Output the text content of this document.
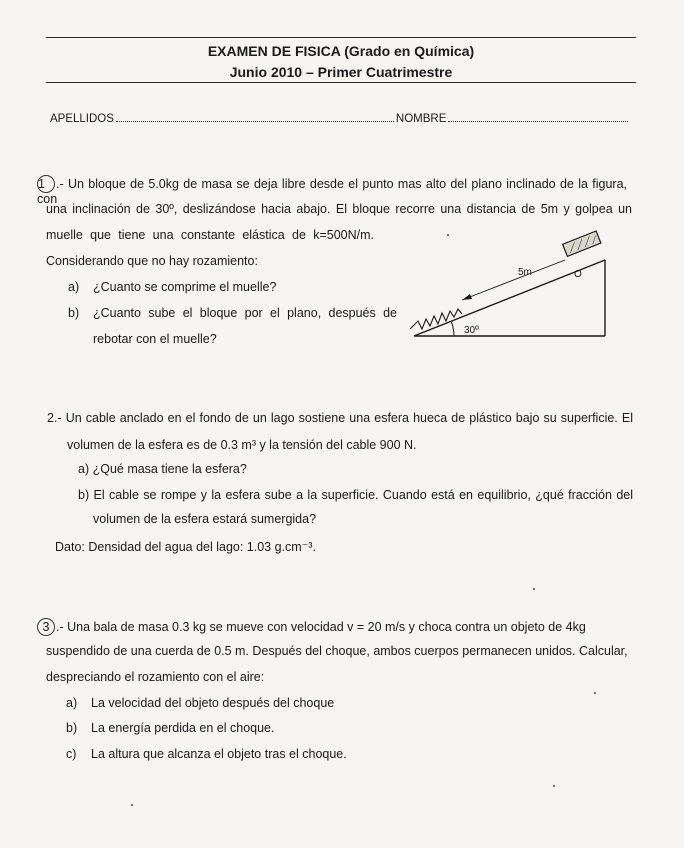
EXAMEN DE FISICA (Grado en Química)
Junio 2010 – Primer Cuatrimestre
APELLIDOS	NOMBRE
1 .- Un bloque de 5.0kg de masa se deja libre desde el punto mas alto del plano inclinado de la figura, con
una inclinación de 30º, deslizándose hacia abajo. El bloque recorre una distancia de 5m y golpea un
muelle que tiene una constante elástica de k=500N/m.
Considerando que no hay rozamiento:
a) ¿Cuanto se comprime el muelle?
b) ¿Cuanto sube el bloque por el plano, después de
rebotar con el muelle?
5m
30º
O
2.- Un cable anclado en el fondo de un lago sostiene una esfera hueca de plástico bajo su superficie. El
volumen de la esfera es de 0.3 m³ y la tensión del cable 900 N.
a) ¿Qué masa tiene la esfera?
b) El cable se rompe y la esfera sube a la superficie. Cuando está en equilibrio, ¿qué fracción del
volumen de la esfera estará sumergida?
Dato: Densidad del agua del lago: 1.03 g.cm⁻³.
3 .- Una bala de masa 0.3 kg se mueve con velocidad v = 20 m/s y choca contra un objeto de 4kg
suspendido de una cuerda de 0.5 m. Después del choque, ambos cuerpos permanecen unidos. Calcular,
despreciando el rozamiento con el aire:
a) La velocidad del objeto después del choque
b) La energía perdida en el choque.
c) La altura que alcanza el objeto tras el choque.
